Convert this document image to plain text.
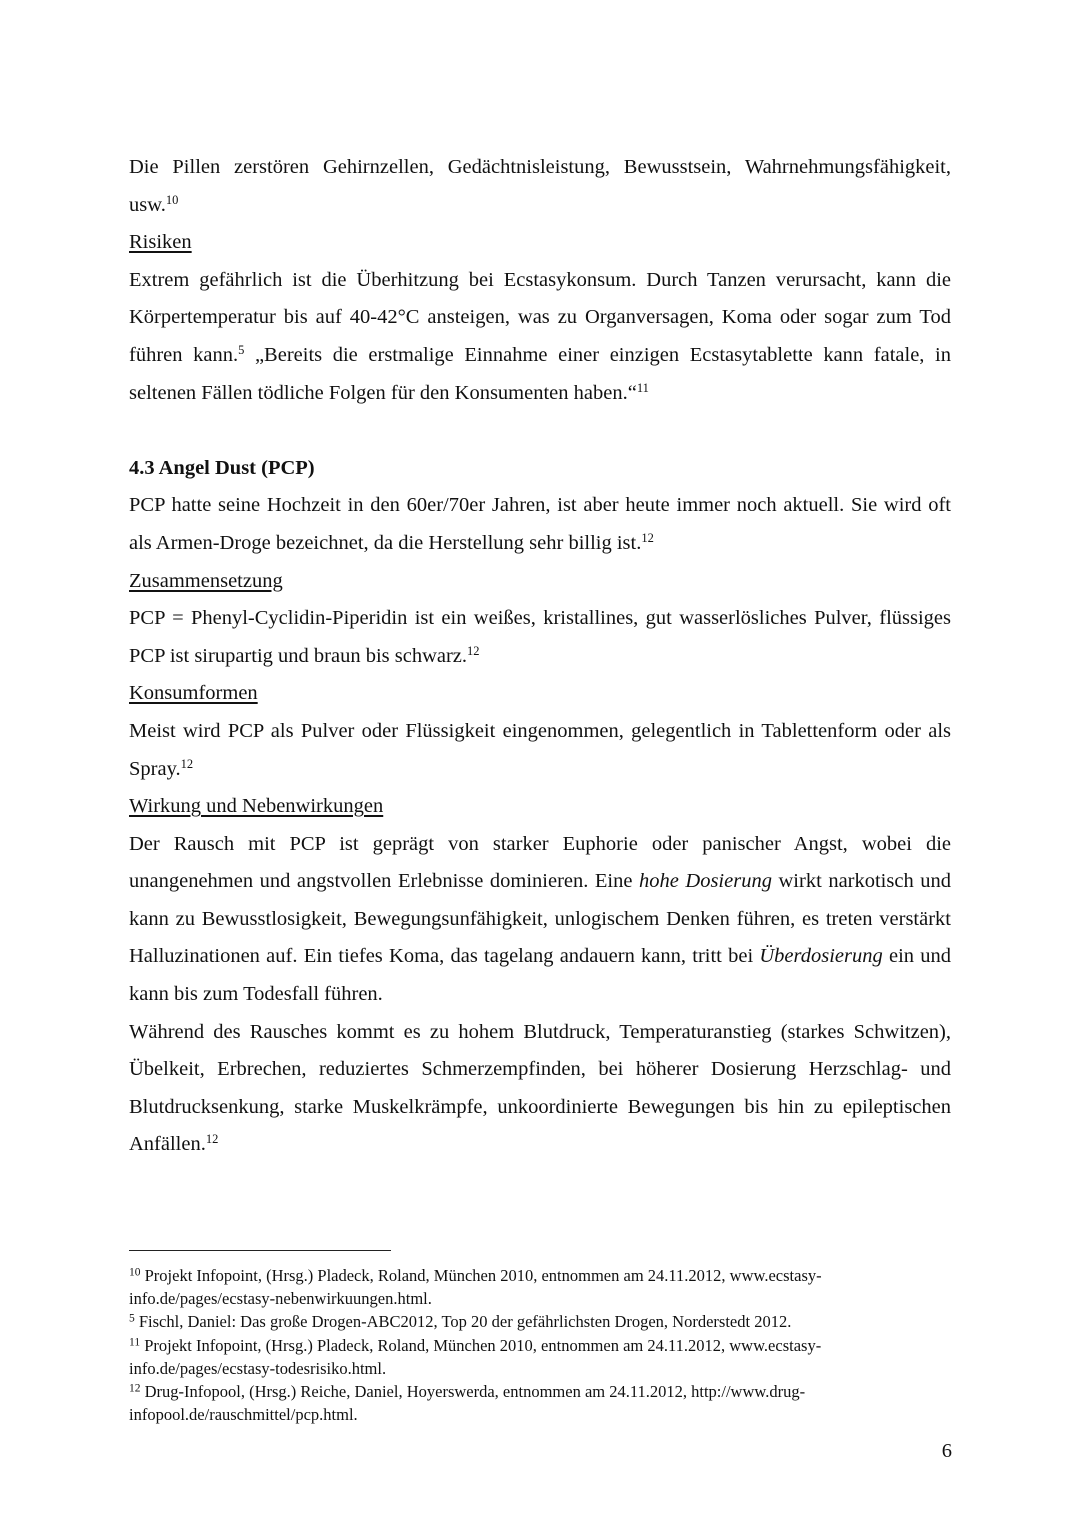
Die Pillen zerstören Gehirnzellen, Gedächtnisleistung, Bewusstsein, Wahrnehmungsfähigkeit, usw.$^{10}$

Risiken

Extrem gefährlich ist die Überhitzung bei Ecstasykonsum. Durch Tanzen verursacht, kann die Körpertemperatur bis auf 40-42°C ansteigen, was zu Organversagen, Koma oder sogar zum Tod führen kann.$^5$ „Bereits die erstmalige Einnahme einer einzigen Ecstasytablette kann fatale, in seltenen Fällen tödliche Folgen für den Konsumenten haben.“$^{11}$

4.3 Angel Dust (PCP)

PCP hatte seine Hochzeit in den 60er/70er Jahren, ist aber heute immer noch aktuell. Sie wird oft als Armen-Droge bezeichnet, da die Herstellung sehr billig ist.$^{12}$

Zusammensetzung

PCP = Phenyl-Cyclidin-Piperidin ist ein weißes, kristallines, gut wasserlösliches Pulver, flüssiges PCP ist sirupartig und braun bis schwarz.$^{12}$

Konsumformen

Meist wird PCP als Pulver oder Flüssigkeit eingenommen, gelegentlich in Tablettenform oder als Spray.$^{12}$

Wirkung und Nebenwirkungen

Der Rausch mit PCP ist geprägt von starker Euphorie oder panischer Angst, wobei die unangenehmen und angstvollen Erlebnisse dominieren. Eine hohe Dosierung wirkt narkotisch und kann zu Bewusstlosigkeit, Bewegungsunfähigkeit, unlogischem Denken führen, es treten verstärkt Halluzinationen auf. Ein tiefes Koma, das tagelang andauern kann, tritt bei Überdosierung ein und kann bis zum Todesfall führen.

Während des Rausches kommt es zu hohem Blutdruck, Temperaturanstieg (starkes Schwitzen), Übelkeit, Erbrechen, reduziertes Schmerzempfinden, bei höherer Dosierung Herzschlag- und Blutdrucksenkung, starke Muskelkrämpfe, unkoordinierte Bewegungen bis hin zu epileptischen Anfällen.$^{12}$

$^{10}$ Projekt Infopoint, (Hrsg.) Pladeck, Roland, München 2010, entnommen am 24.11.2012, www.ecstasy-info.de/pages/ecstasy-nebenwirkuungen.html.

$^5$ Fischl, Daniel: Das große Drogen-ABC2012, Top 20 der gefährlichsten Drogen, Norderstedt 2012.

$^{11}$ Projekt Infopoint, (Hrsg.) Pladeck, Roland, München 2010, entnommen am 24.11.2012, www.ecstasy-info.de/pages/ecstasy-todesrisiko.html.

$^{12}$ Drug-Infopool, (Hrsg.) Reiche, Daniel, Hoyerswerda, entnommen am 24.11.2012, http://www.drug-infopool.de/rauschmittel/pcp.html.

6
